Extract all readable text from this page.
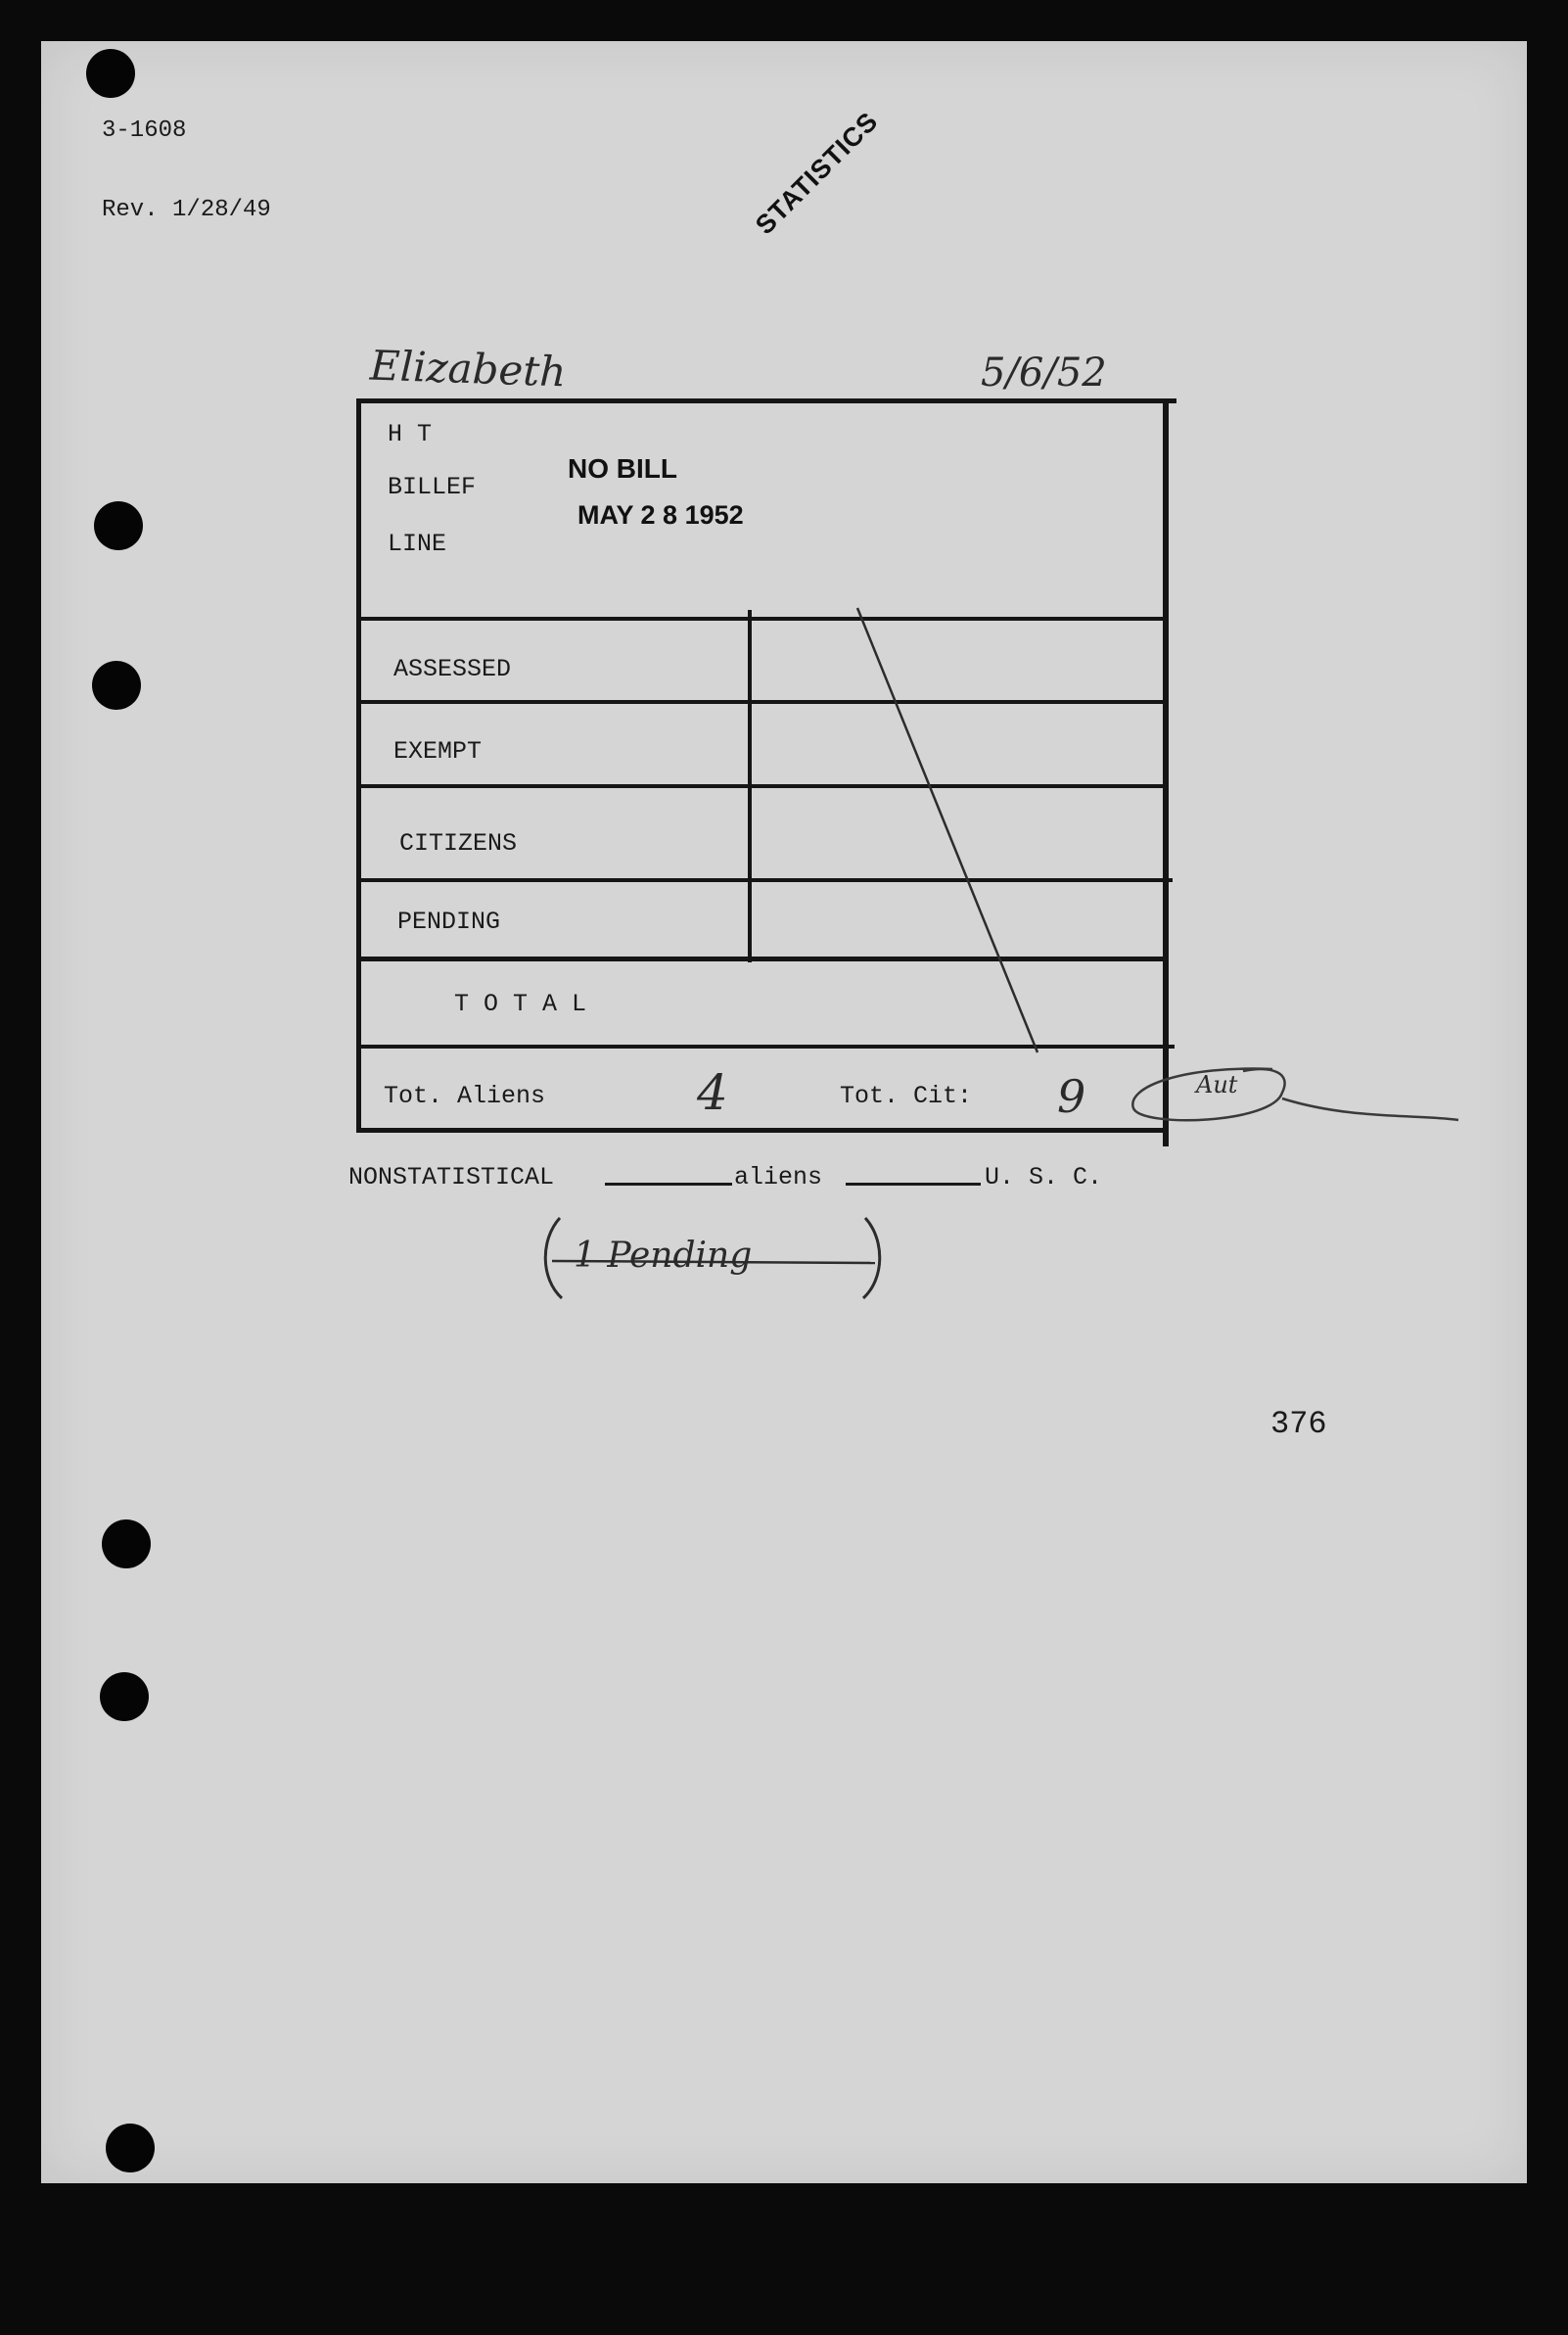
3-1608

Rev. 1/28/49	STATISTICS
Elizabeth	5/6/52
H T
BILLEF
LINE
NO BILL
MAY 2 8 1952
ASSESSED
EXEMPT
CITIZENS
PENDING
T O T A L
Tot. Aliens	4	Tot. Cit: 9	Aut
NONSTATISTICAL	aliens	U. S. C.
1 Pending
376
